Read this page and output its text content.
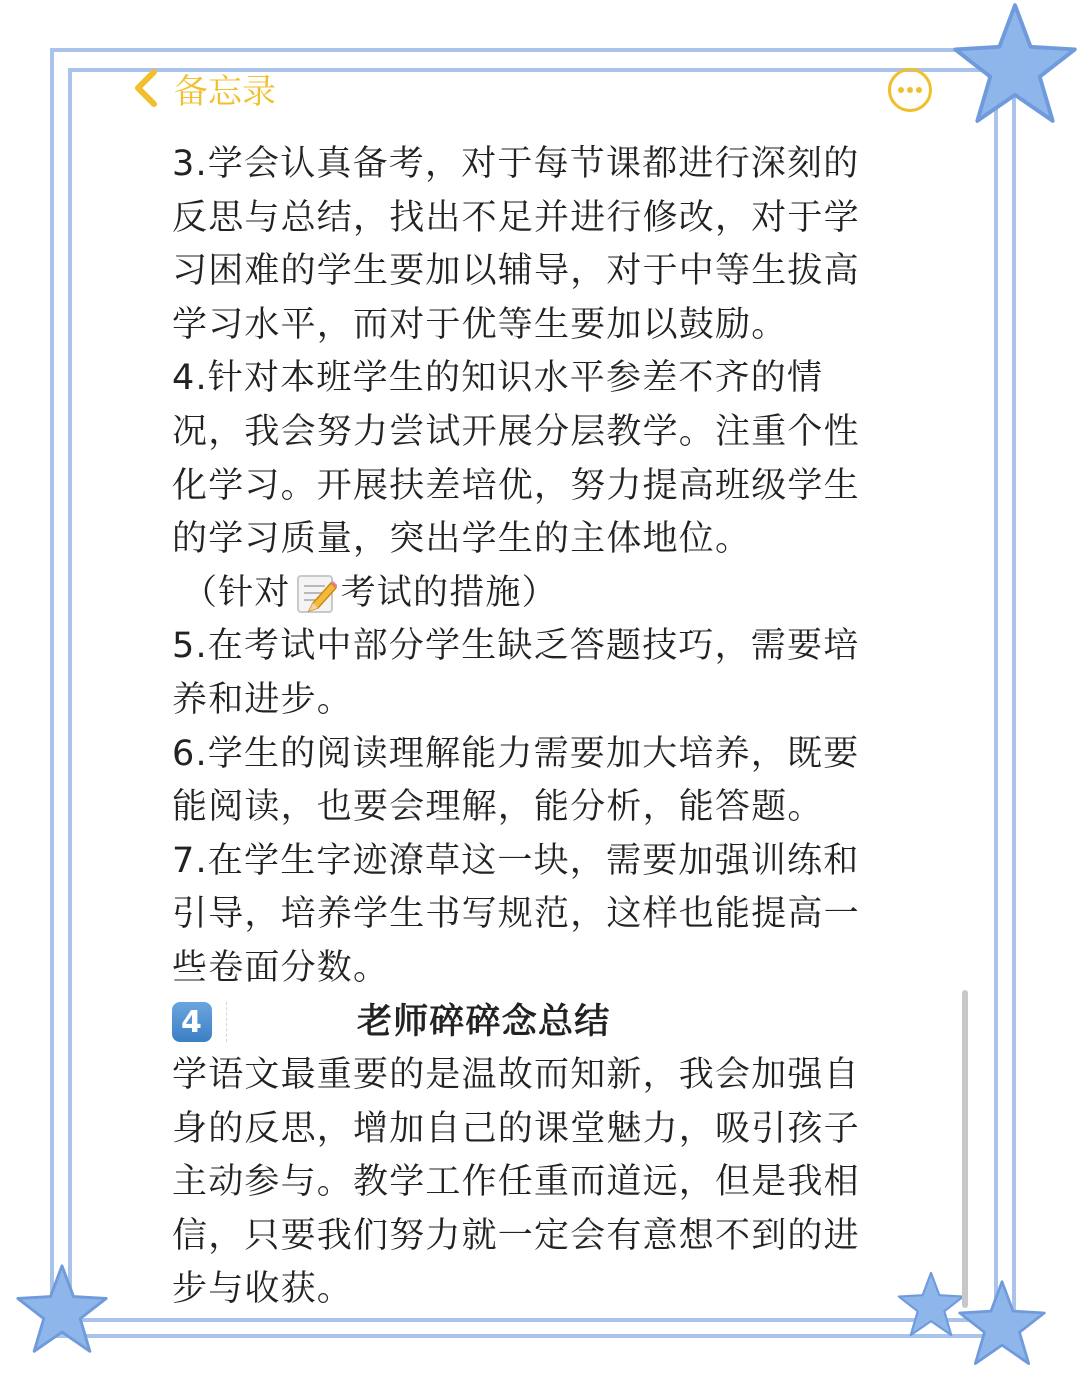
备忘录

3.学会认真备考，对于每节课都进行深刻的

反思与总结，找出不足并进行修改，对于学

习困难的学生要加以辅导，对于中等生拔高

学习水平，而对于优等生要加以鼓励。

4.针对本班学生的知识水平参差不齐的情

况，我会努力尝试开展分层教学。注重个性

化学习。开展扶差培优，努力提高班级学生

的学习质量，突出学生的主体地位。

（针对 考试的措施）

5.在考试中部分学生缺乏答题技巧，需要培

养和进步。

6.学生的阅读理解能力需要加大培养，既要

能阅读，也要会理解，能分析，能答题。

7.在学生字迹潦草这一块，需要加强训练和

引导，培养学生书写规范，这样也能提高一

些卷面分数。

4	老师碎碎念总结

学语文最重要的是温故而知新，我会加强自

身的反思，增加自己的课堂魅力，吸引孩子

主动参与。教学工作任重而道远，但是我相

信，只要我们努力就一定会有意想不到的进

步与收获。
